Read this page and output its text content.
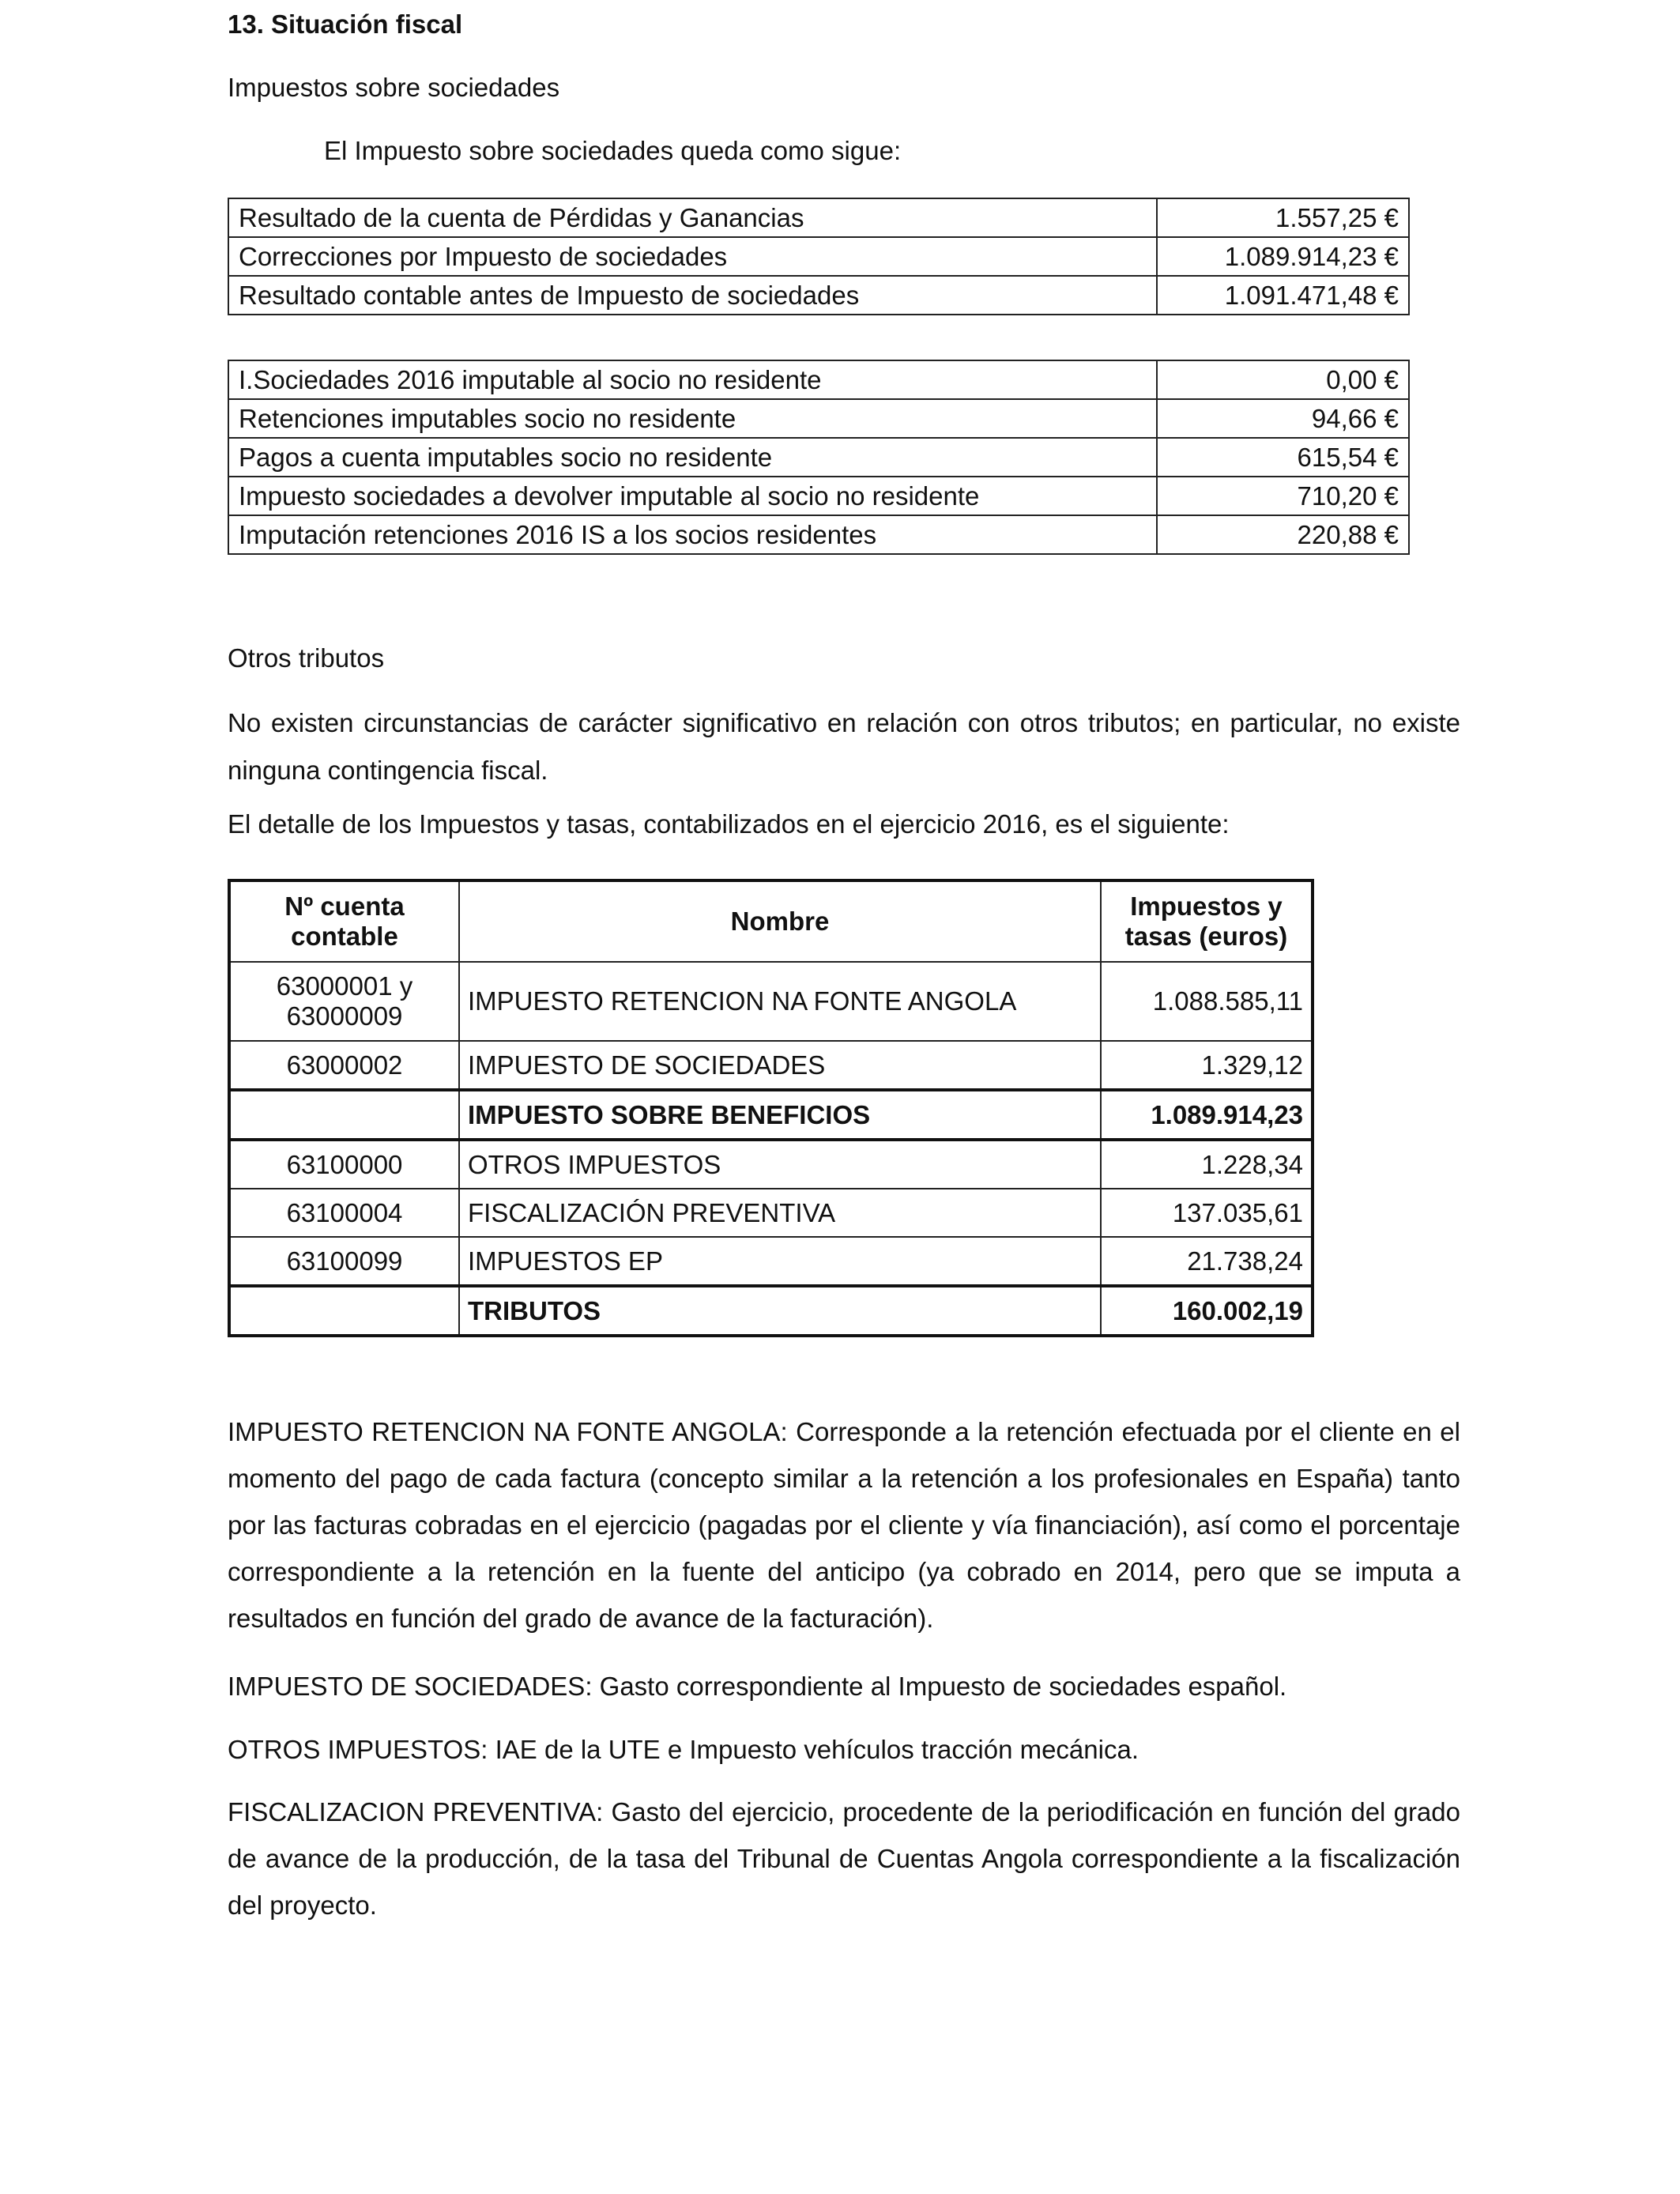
13. Situación fiscal
Impuestos sobre sociedades
El Impuesto sobre sociedades queda como sigue:
Resultado de la cuenta de Pérdidas y Ganancias	1.557,25 €
Correcciones por Impuesto de sociedades	1.089.914,23 €
Resultado contable antes de Impuesto de sociedades	1.091.471,48 €
I.Sociedades 2016 imputable al socio no residente	0,00 €
Retenciones imputables socio no residente	94,66 €
Pagos a cuenta imputables socio no residente	615,54 €
Impuesto sociedades a devolver imputable al socio no residente	710,20 €
Imputación retenciones 2016 IS a los socios residentes	220,88 €
Otros tributos
No existen circunstancias de carácter significativo en relación con otros tributos; en particular, no existe ninguna contingencia fiscal.
El detalle de los Impuestos y tasas, contabilizados en el ejercicio 2016, es el siguiente:
Nº cuenta contable	Nombre	Impuestos y tasas (euros)
63000001 y 63000009	IMPUESTO RETENCION NA FONTE ANGOLA	1.088.585,11
63000002	IMPUESTO DE SOCIEDADES	1.329,12
	IMPUESTO SOBRE BENEFICIOS	1.089.914,23
63100000	OTROS IMPUESTOS	1.228,34
63100004	FISCALIZACIÓN PREVENTIVA	137.035,61
63100099	IMPUESTOS EP	21.738,24
	TRIBUTOS	160.002,19
IMPUESTO RETENCION NA FONTE ANGOLA: Corresponde a la retención efectuada por el cliente en el momento del pago de cada factura (concepto similar a la retención a los profesionales en España) tanto por las facturas cobradas en el ejercicio (pagadas por el cliente y vía financiación), así como el porcentaje correspondiente a la retención en la fuente del anticipo (ya cobrado en 2014, pero que se imputa a resultados en función del grado de avance de la facturación).
IMPUESTO DE SOCIEDADES: Gasto correspondiente al Impuesto de sociedades español.
OTROS IMPUESTOS: IAE de la UTE e Impuesto vehículos tracción mecánica.
FISCALIZACION PREVENTIVA: Gasto del ejercicio, procedente de la periodificación en función del grado de avance de la producción, de la tasa del Tribunal de Cuentas Angola correspondiente a la fiscalización del proyecto.
